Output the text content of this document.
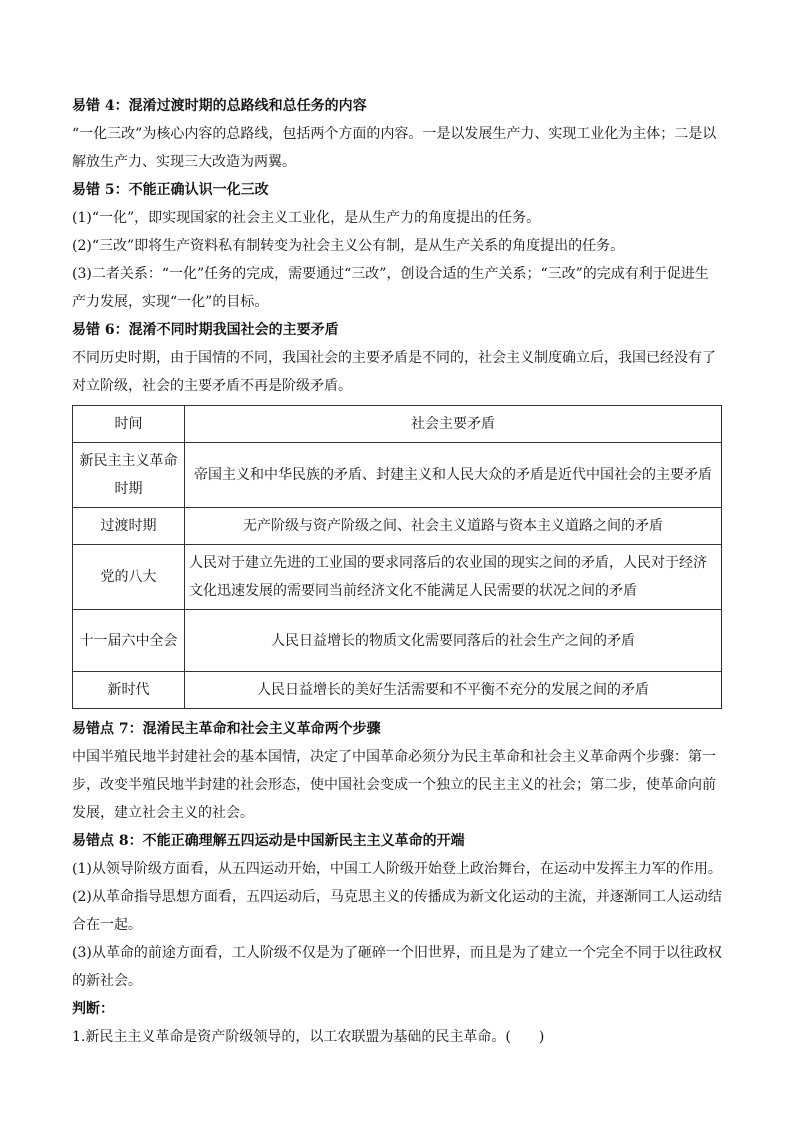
易错 4：混淆过渡时期的总路线和总任务的内容

“一化三改”为核心内容的总路线，包括两个方面的内容。一是以发展生产力、实现工业化为主体；二是以解放生产力、实现三大改造为两翼。

易错 5：不能正确认识一化三改

(1)“一化”，即实现国家的社会主义工业化，是从生产力的角度提出的任务。

(2)“三改”即将生产资料私有制转变为社会主义公有制，是从生产关系的角度提出的任务。

(3)二者关系：“一化”任务的完成，需要通过“三改”，创设合适的生产关系；“三改”的完成有利于促进生产力发展，实现“一化”的目标。

易错 6：混淆不同时期我国社会的主要矛盾

不同历史时期，由于国情的不同，我国社会的主要矛盾是不同的，社会主义制度确立后，我国已经没有了对立阶级，社会的主要矛盾不再是阶级矛盾。

时间	社会主要矛盾
新民主主义革命时期	帝国主义和中华民族的矛盾、封建主义和人民大众的矛盾是近代中国社会的主要矛盾
过渡时期	无产阶级与资产阶级之间、社会主义道路与资本主义道路之间的矛盾
党的八大	人民对于建立先进的工业国的要求同落后的农业国的现实之间的矛盾，人民对于经济文化迅速发展的需要同当前经济文化不能满足人民需要的状况之间的矛盾
十一届六中全会	人民日益增长的物质文化需要同落后的社会生产之间的矛盾
新时代	人民日益增长的美好生活需要和不平衡不充分的发展之间的矛盾

易错点 7：混淆民主革命和社会主义革命两个步骤

中国半殖民地半封建社会的基本国情，决定了中国革命必须分为民主革命和社会主义革命两个步骤：第一步，改变半殖民地半封建的社会形态，使中国社会变成一个独立的民主主义的社会；第二步，使革命向前发展，建立社会主义的社会。

易错点 8：不能正确理解五四运动是中国新民主主义革命的开端

(1)从领导阶级方面看，从五四运动开始，中国工人阶级开始登上政治舞台，在运动中发挥主力军的作用。

(2)从革命指导思想方面看，五四运动后，马克思主义的传播成为新文化运动的主流，并逐渐同工人运动结合在一起。

(3)从革命的前途方面看，工人阶级不仅是为了砸碎一个旧世界，而且是为了建立一个完全不同于以往政权的新社会。

判断：

1.新民主主义革命是资产阶级领导的，以工农联盟为基础的民主革命。(　　)
